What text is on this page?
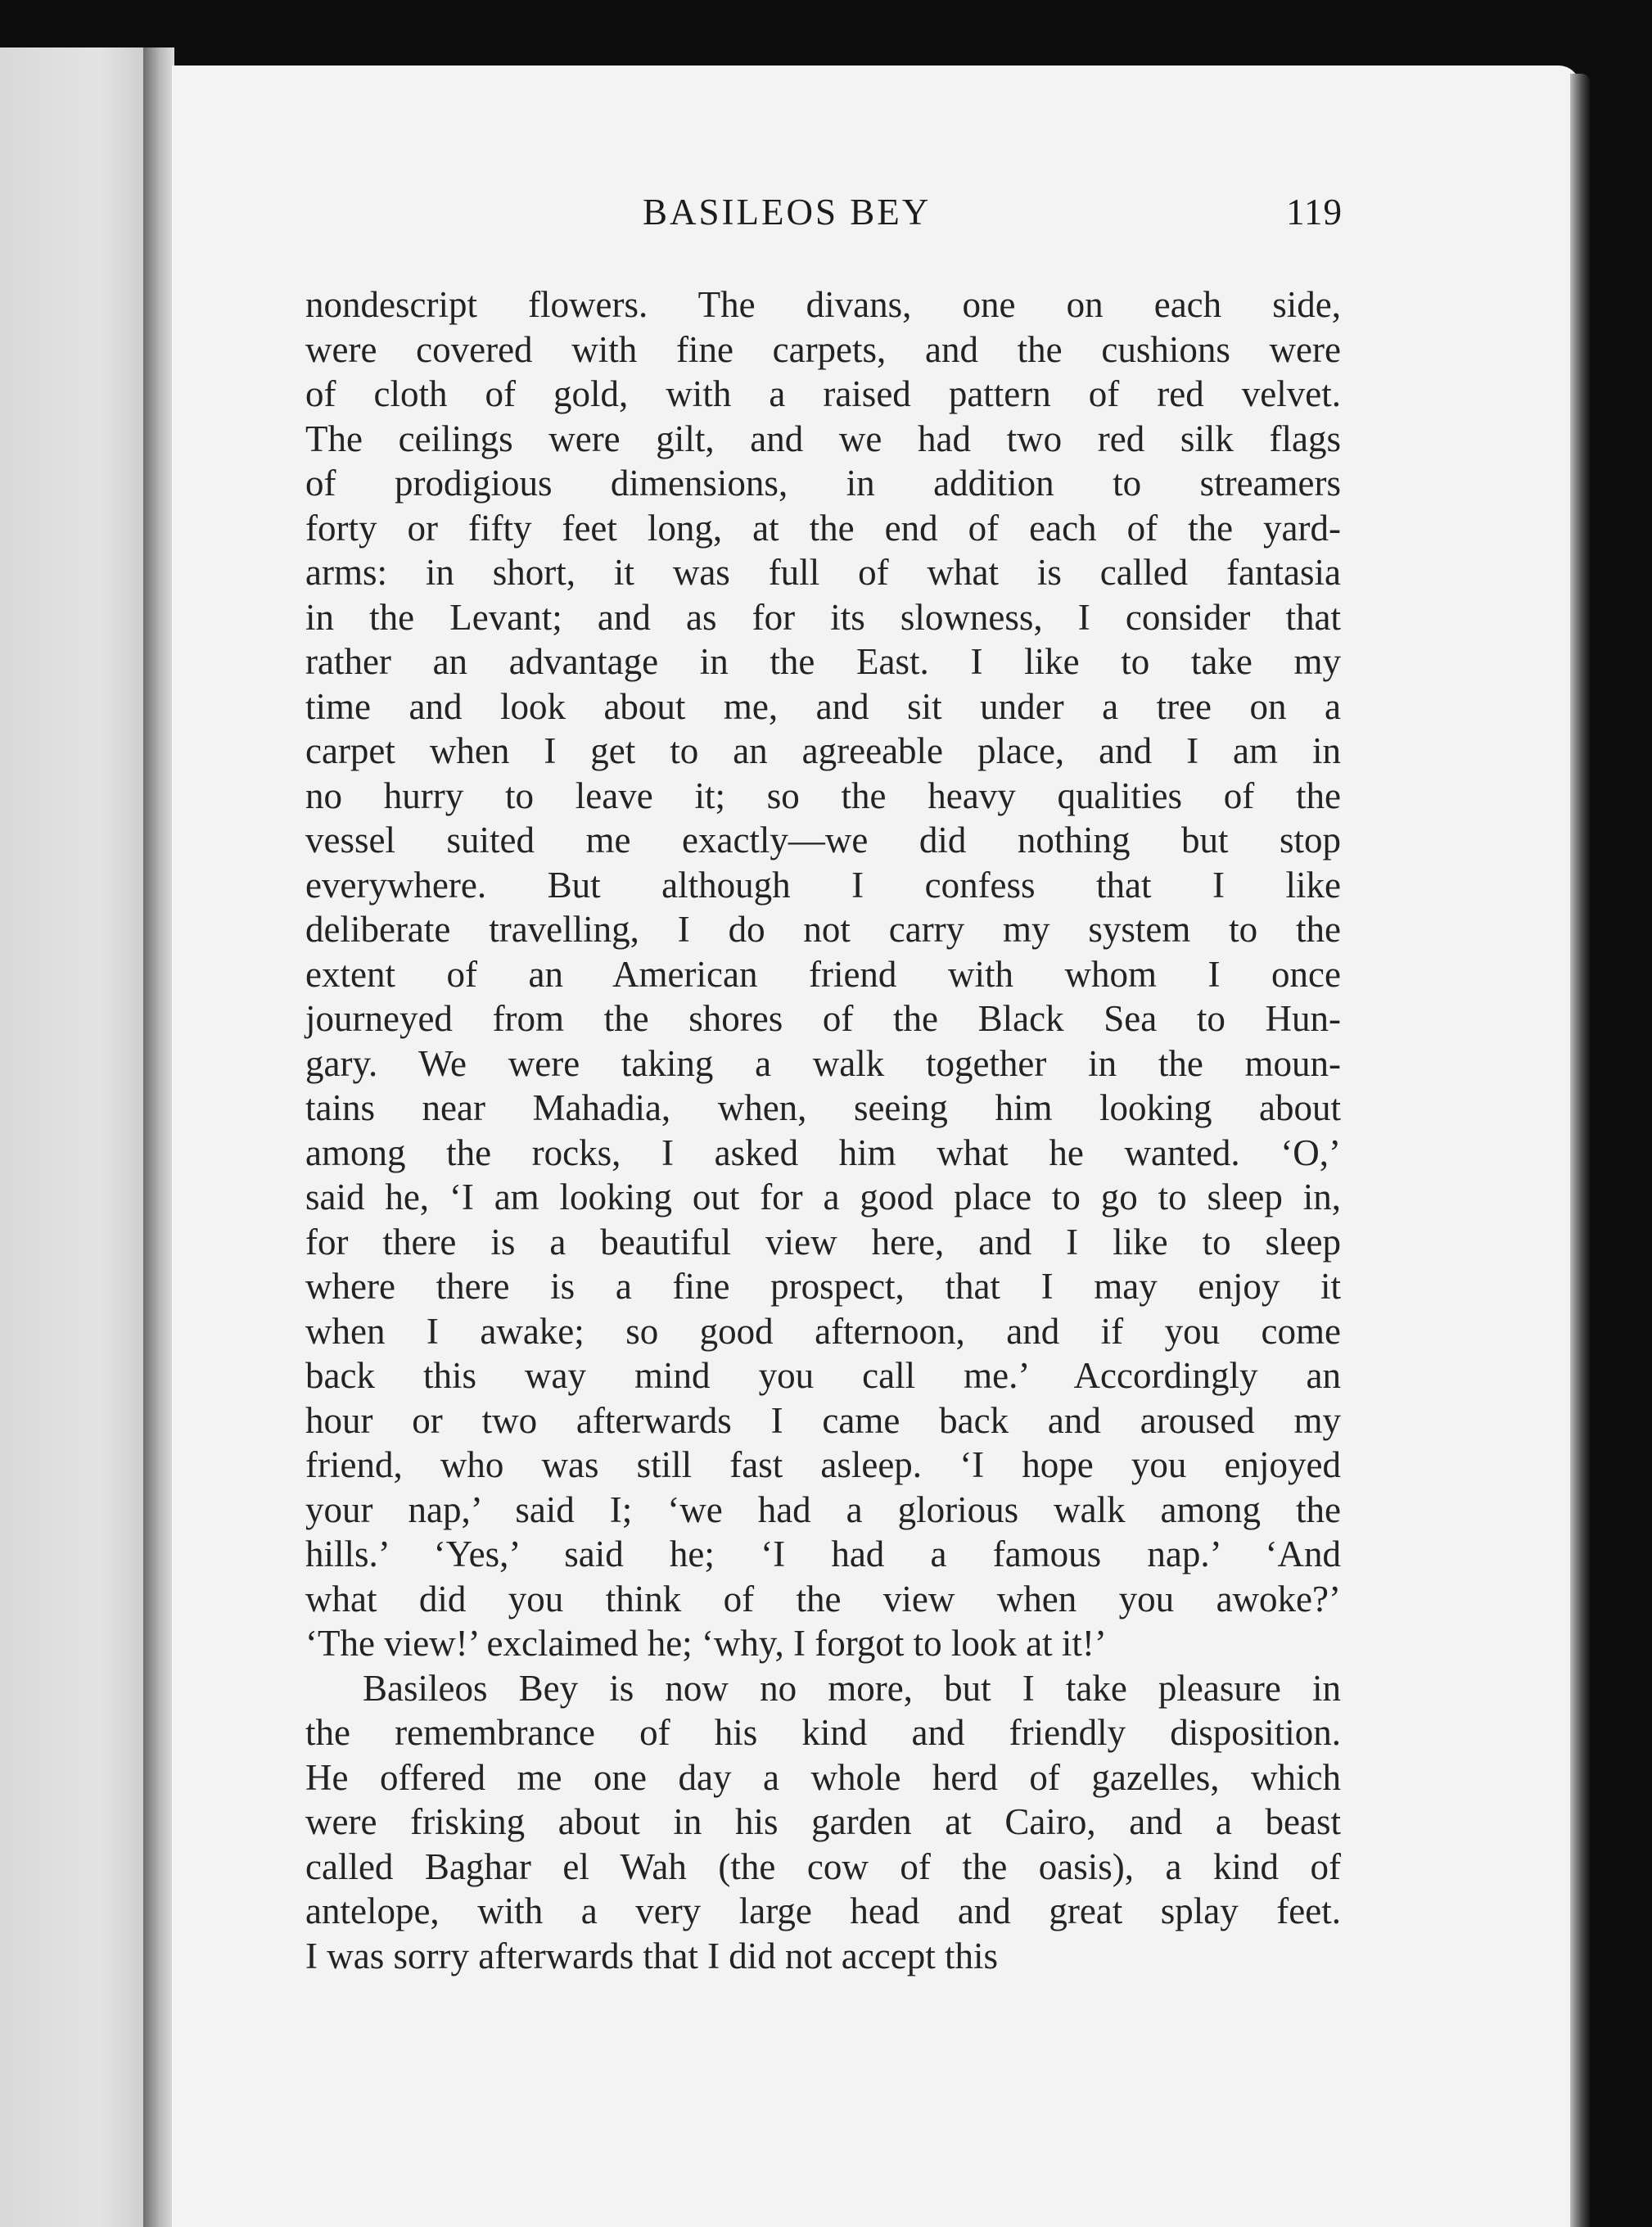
BASILEOS BEY	119
nondescript flowers. The divans, one on each side,
were covered with fine carpets, and the cushions were
of cloth of gold, with a raised pattern of red velvet.
The ceilings were gilt, and we had two red silk flags
of prodigious dimensions, in addition to streamers
forty or fifty feet long, at the end of each of the yard-
arms: in short, it was full of what is called fantasia
in the Levant; and as for its slowness, I consider that
rather an advantage in the East. I like to take my
time and look about me, and sit under a tree on a
carpet when I get to an agreeable place, and I am in
no hurry to leave it; so the heavy qualities of the
vessel suited me exactly—we did nothing but stop
everywhere. But although I confess that I like
deliberate travelling, I do not carry my system to the
extent of an American friend with whom I once
journeyed from the shores of the Black Sea to Hun-
gary. We were taking a walk together in the moun-
tains near Mahadia, when, seeing him looking about
among the rocks, I asked him what he wanted. ‘O,’
said he, ‘I am looking out for a good place to go to sleep in,
for there is a beautiful view here, and I like to sleep
where there is a fine prospect, that I may enjoy it
when I awake; so good afternoon, and if you come
back this way mind you call me.’ Accordingly an
hour or two afterwards I came back and aroused my
friend, who was still fast asleep. ‘I hope you enjoyed
your nap,’ said I; ‘we had a glorious walk among the
hills.’ ‘Yes,’ said he; ‘I had a famous nap.’ ‘And
what did you think of the view when you awoke?’
‘The view!’ exclaimed he; ‘why, I forgot to look at it!’
Basileos Bey is now no more, but I take pleasure in
the remembrance of his kind and friendly disposition.
He offered me one day a whole herd of gazelles, which
were frisking about in his garden at Cairo, and a beast
called Baghar el Wah (the cow of the oasis), a kind of
antelope, with a very large head and great splay feet.
I was sorry afterwards that I did not accept this
